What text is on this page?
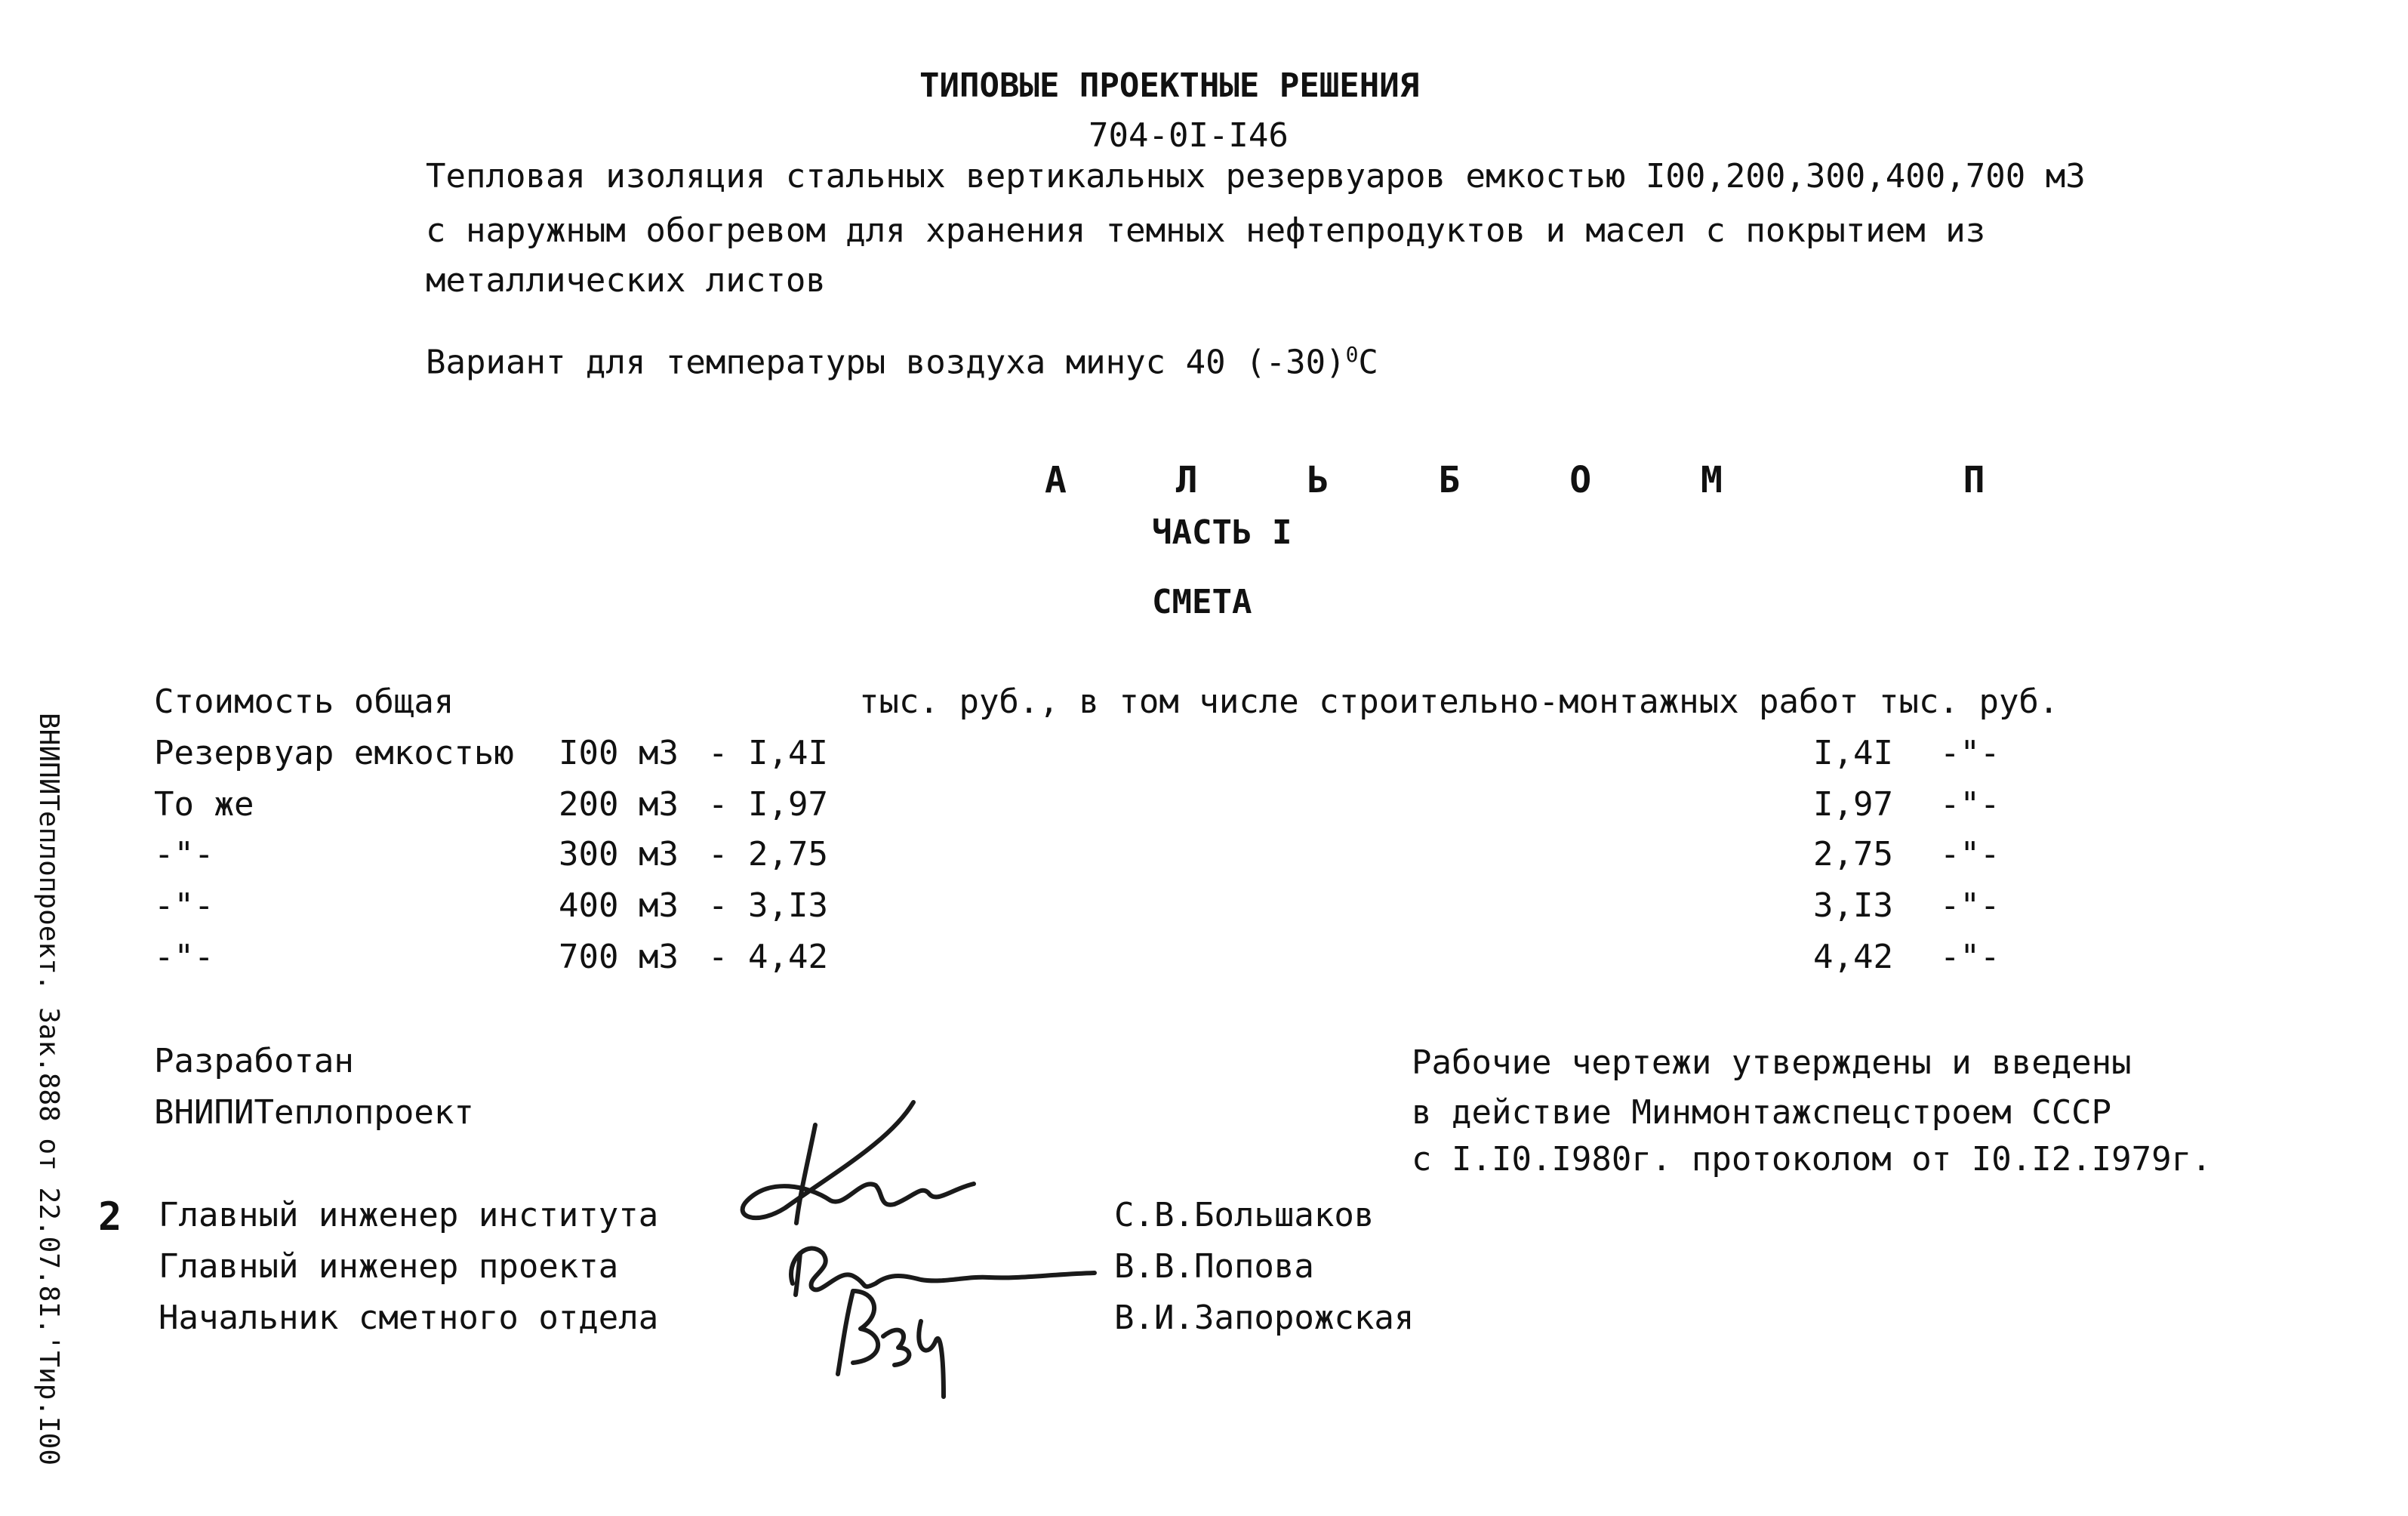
ТИПОВЫЕ ПРОЕКТНЫЕ РЕШЕНИЯ
704-0I-I46
Тепловая изоляция стальных вертикальных резервуаров емкостью I00,200,300,400,700 м3
с наружным обогревом для хранения темных нефтепродуктов и масел с покрытием из
металлических листов
Вариант для температуры воздуха минус 40 $(-30)^0С$
А Л Ь Б О М   П
ЧАСТЬ I
СМЕТА
Стоимость общая	тыс. руб., в том числе строительно-монтажных работ тыс. руб.
Резервуар емкостью I00 м3 - I,4I	I,4I -"-
То же	200 м3 - I,97	I,97 -"-
-"-	300 м3 - 2,75	2,75 -"-
-"-	400 м3 - 3,I3	3,I3 -"-
-"-	700 м3 - 4,42	4,42 -"-
Разработан
ВНИПИТеплопроект
Рабочие чертежи утверждены и введены
в действие Минмонтажспецстроем СССР
с I.I0.I980г. протоколом от I0.I2.I979г.
2 Главный инженер института	С.В.Большаков
Главный инженер проекта	В.В.Попова
Начальник сметного отдела	В.И.Запорожская
ВНИПИТеплопроект. Зак.888 от 22.07.8I.'Тир.I00
